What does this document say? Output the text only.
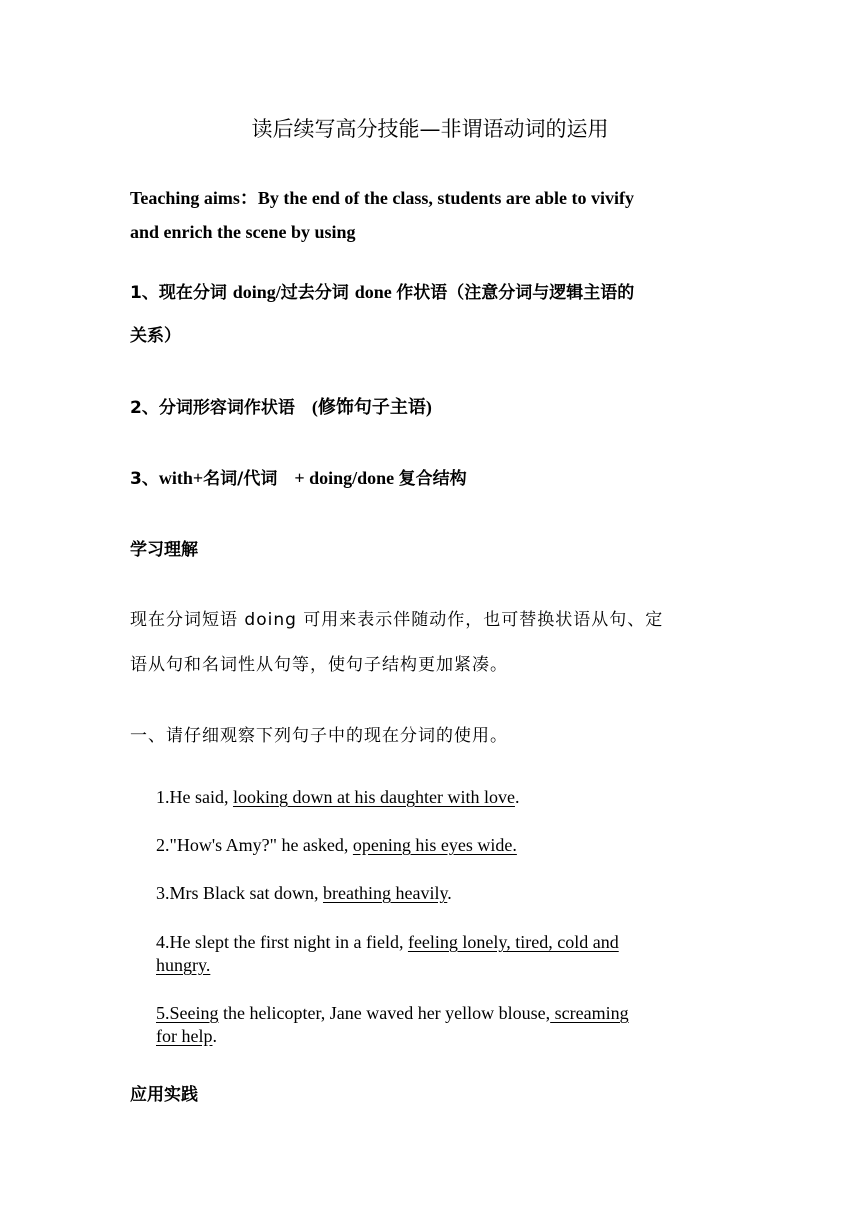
读后续写高分技能—非谓语动词的运用
Teaching aims：By the end of the class, students are able to vivify
and enrich the scene by using
1、现在分词 doing/过去分词 done 作状语（注意分词与逻辑主语的
关系）
2、分词形容词作状语　(修饰句子主语)
3、with+名词/代词　+ doing/done 复合结构
学习理解
现在分词短语 doing 可用来表示伴随动作，也可替换状语从句、定
语从句和名词性从句等，使句子结构更加紧凑。
一、请仔细观察下列句子中的现在分词的使用。
1.He said, looking down at his daughter with love.
2."How's Amy?" he asked, opening his eyes wide.
3.Mrs Black sat down, breathing heavily.
4.He slept the first night in a field, feeling lonely, tired, cold and
hungry.
5.Seeing the helicopter, Jane waved her yellow blouse, screaming
for help.
应用实践
